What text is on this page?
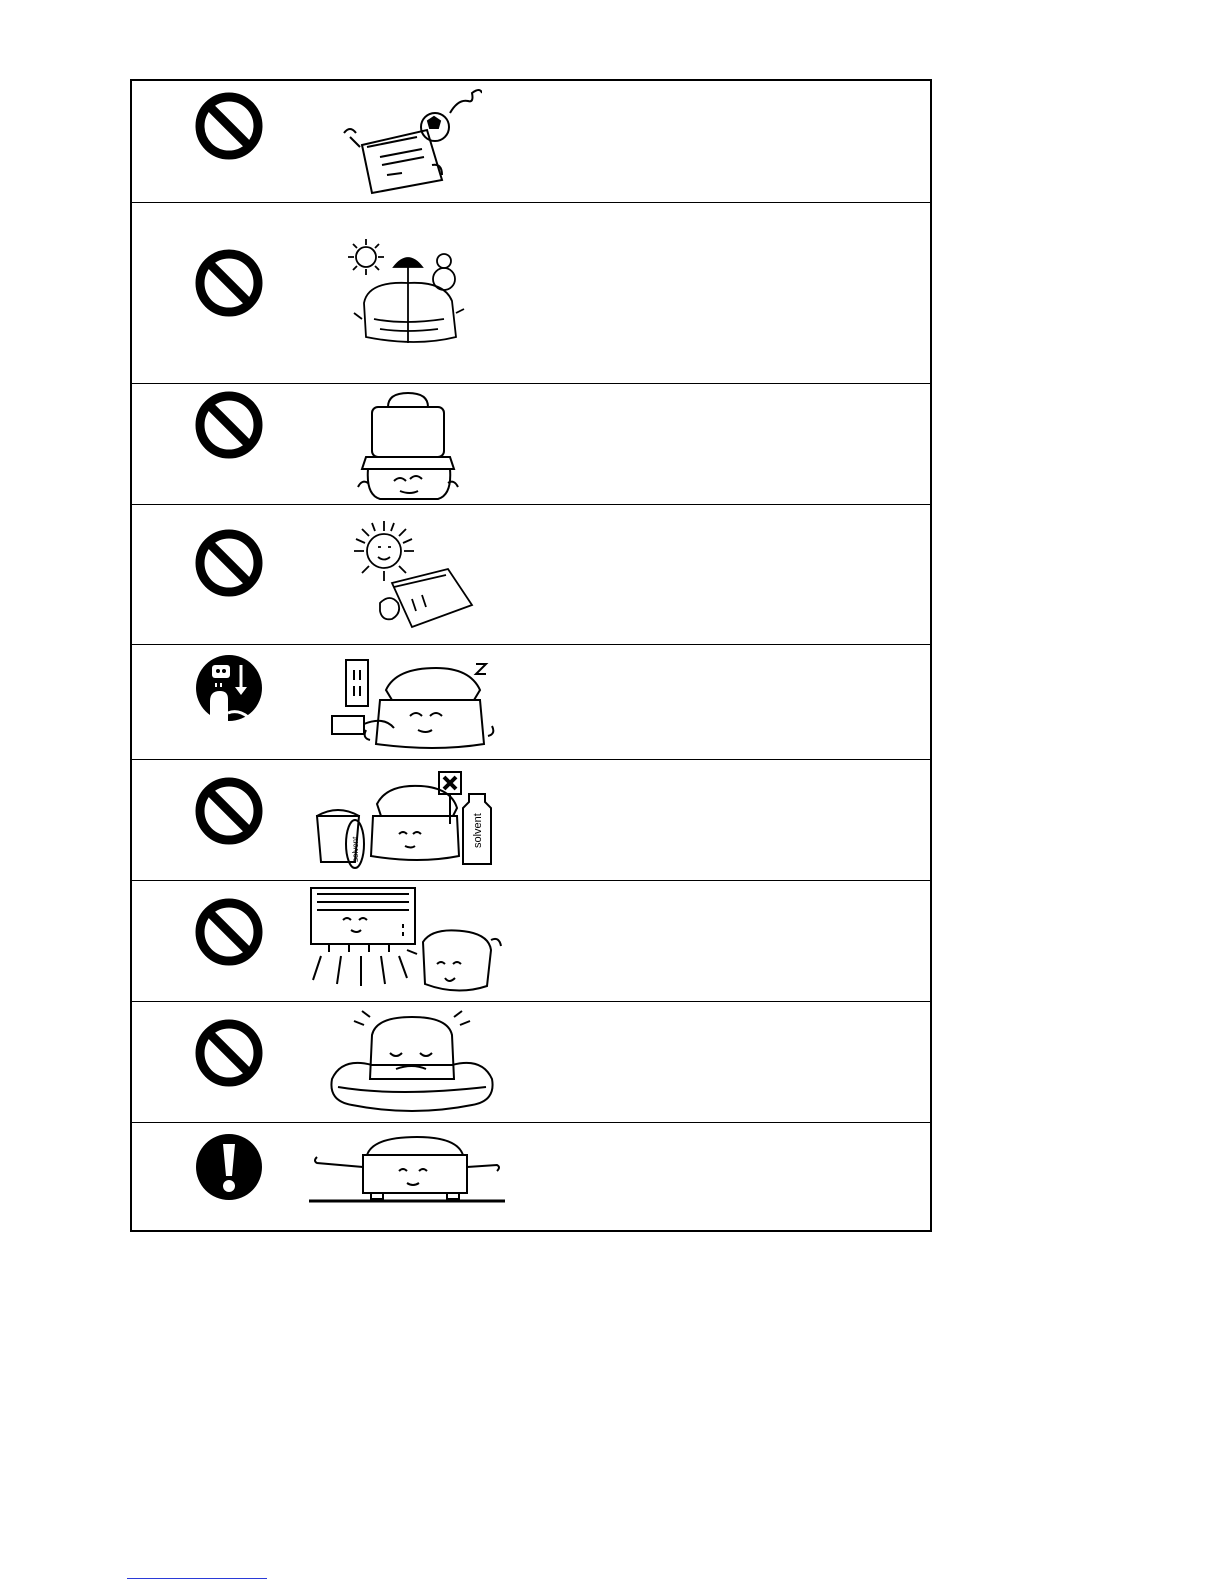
solvent
solvent
